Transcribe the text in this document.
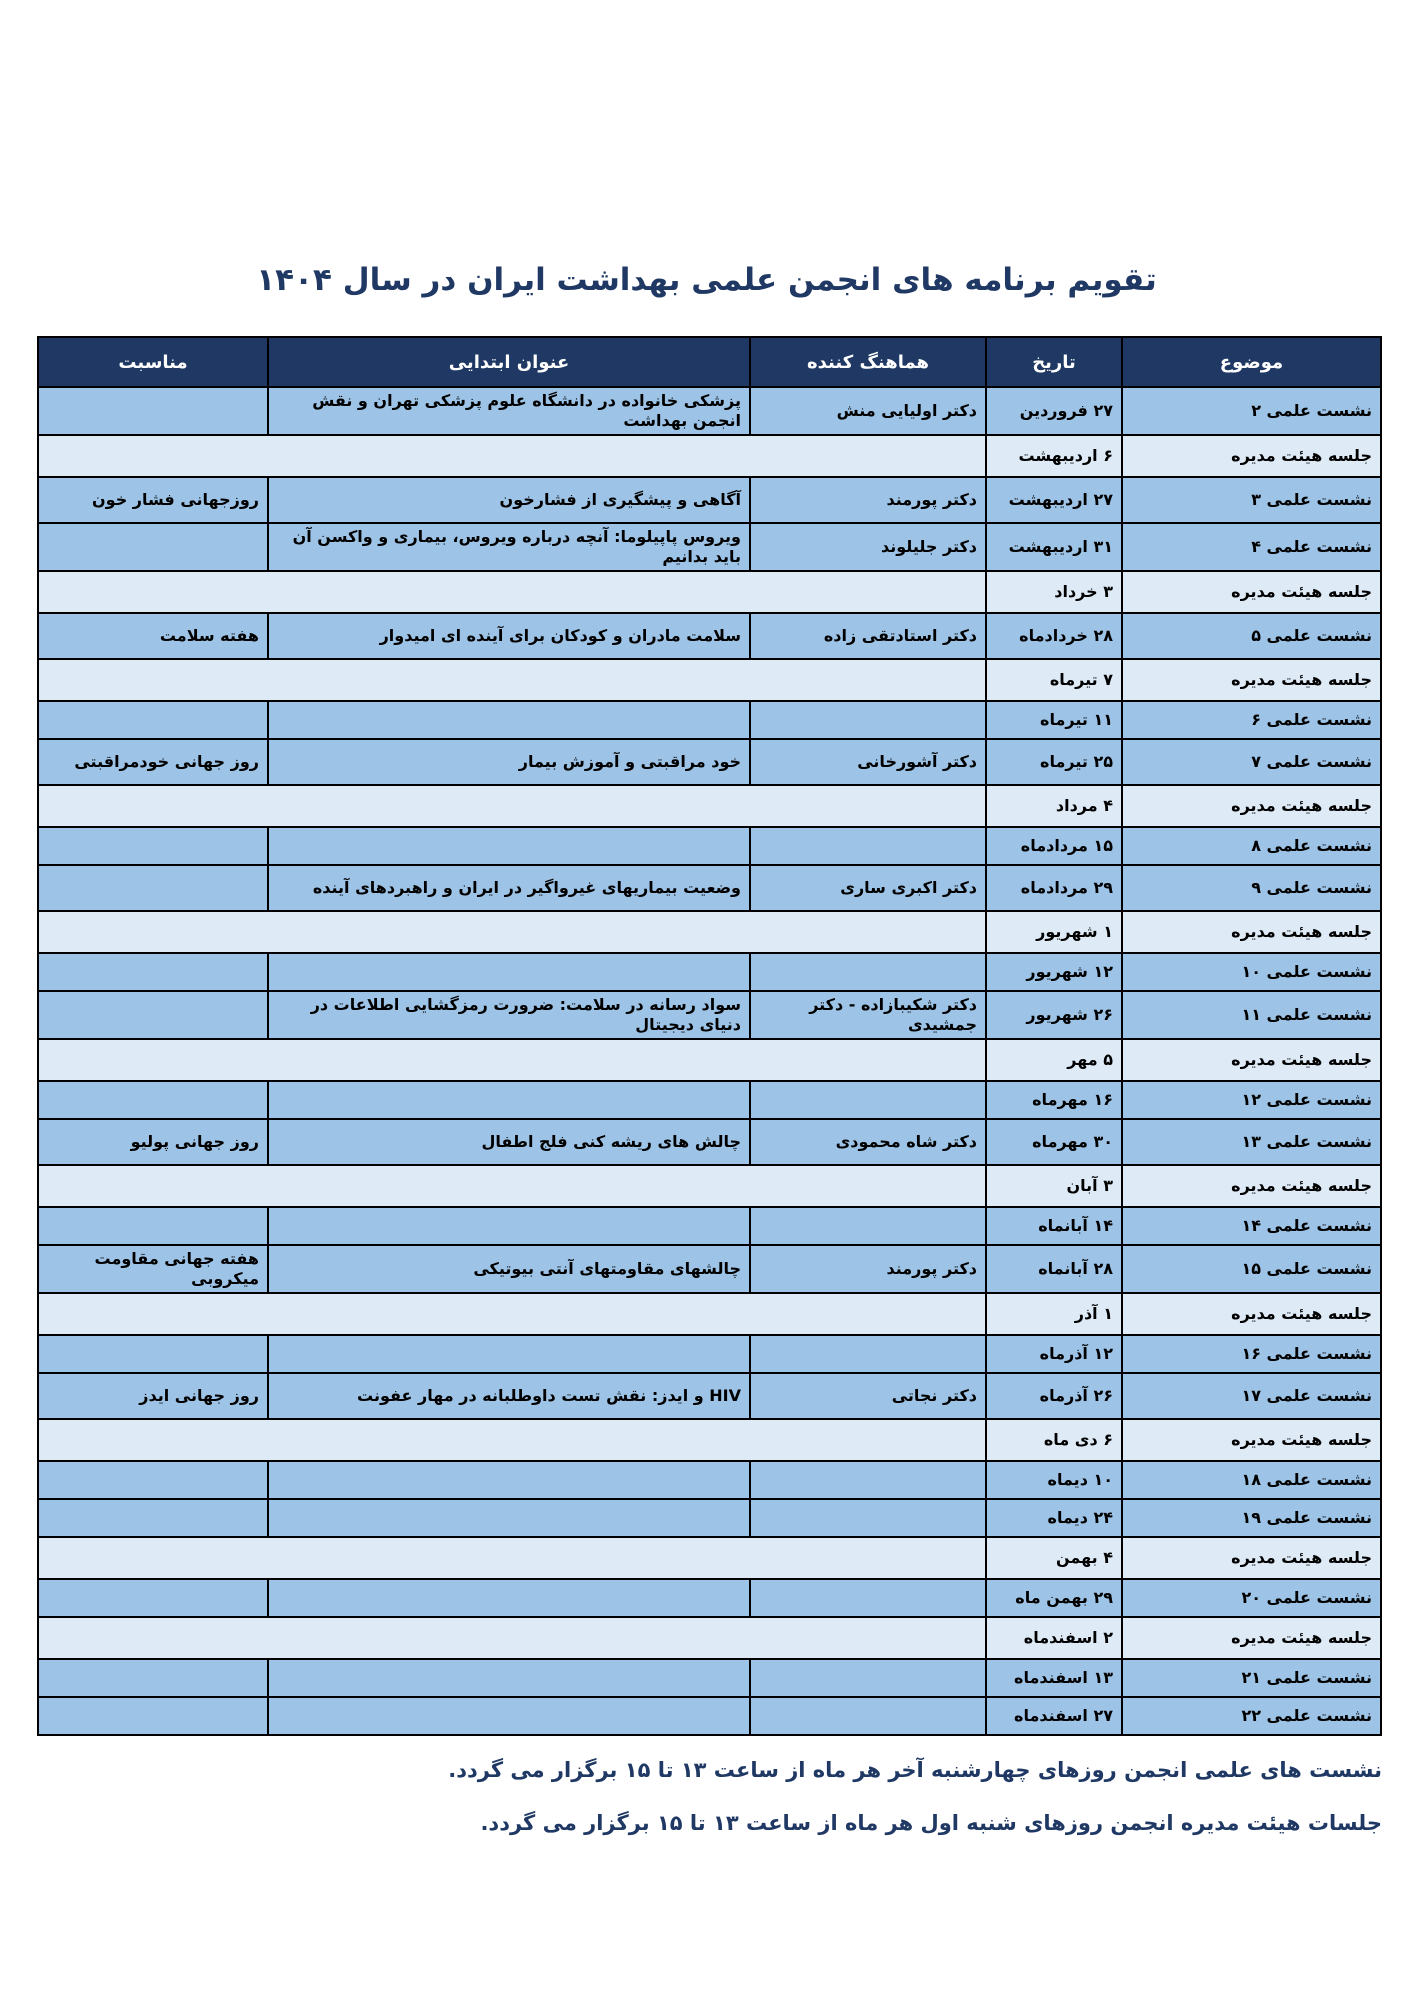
تقویم برنامه های انجمن علمی بهداشت ایران در سال ۱۴۰۴
موضوع	تاریخ	هماهنگ کننده	عنوان ابتدایی	مناسبت
نشست علمی ۲	۲۷ فروردین	دکتر اولیایی منش	پزشکی خانواده در دانشگاه علوم پزشکی تهران و نقش انجمن بهداشت	
جلسه هیئت مدیره	۶ اردیبهشت			
نشست علمی ۳	۲۷ اردیبهشت	دکتر پورمند	آگاهی و پیشگیری از فشارخون	روزجهانی فشار خون
نشست علمی ۴	۳۱ اردیبهشت	دکتر جلیلوند	ویروس پاپیلوما: آنچه درباره ویروس، بیماری و واکسن آن باید بدانیم	
جلسه هیئت مدیره	۳ خرداد			
نشست علمی ۵	۲۸ خردادماه	دکتر استادتقی زاده	سلامت مادران و کودکان برای آینده ای امیدوار	هفته سلامت
جلسه هیئت مدیره	۷ تیرماه			
نشست علمی ۶	۱۱ تیرماه			
نشست علمی ۷	۲۵ تیرماه	دکتر آشورخانی	خود مراقبتی و آموزش بیمار	روز جهانی خودمراقبتی
جلسه هیئت مدیره	۴ مرداد			
نشست علمی ۸	۱۵ مردادماه			
نشست علمی ۹	۲۹ مردادماه	دکتر اکبری ساری	وضعیت بیماریهای غیرواگیر در ایران و راهبردهای آینده	
جلسه هیئت مدیره	۱ شهریور			
نشست علمی ۱۰	۱۲ شهریور			
نشست علمی ۱۱	۲۶ شهریور	دکتر شکیبازاده - دکتر جمشیدی	سواد رسانه در سلامت: ضرورت رمزگشایی اطلاعات در دنیای دیجیتال	
جلسه هیئت مدیره	۵ مهر			
نشست علمی ۱۲	۱۶ مهرماه			
نشست علمی ۱۳	۳۰ مهرماه	دکتر شاه محمودی	چالش های ریشه کنی فلج اطفال	روز جهانی پولیو
جلسه هیئت مدیره	۳ آبان			
نشست علمی ۱۴	۱۴ آبانماه			
نشست علمی ۱۵	۲۸ آبانماه	دکتر پورمند	چالشهای مقاومتهای آنتی بیوتیکی	هفته جهانی مقاومت میکروبی
جلسه هیئت مدیره	۱ آذر			
نشست علمی ۱۶	۱۲ آذرماه			
نشست علمی ۱۷	۲۶ آذرماه	دکتر نجاتی	HIV و ایدز: نقش تست داوطلبانه در مهار عفونت	روز جهانی ایدز
جلسه هیئت مدیره	۶ دی ماه			
نشست علمی ۱۸	۱۰ دیماه			
نشست علمی ۱۹	۲۴ دیماه			
جلسه هیئت مدیره	۴ بهمن			
نشست علمی ۲۰	۲۹ بهمن ماه			
جلسه هیئت مدیره	۲ اسفندماه			
نشست علمی ۲۱	۱۳ اسفندماه			
نشست علمی ۲۲	۲۷ اسفندماه			

نشست های علمی انجمن روزهای چهارشنبه آخر هر ماه از ساعت ۱۳ تا ۱۵ برگزار می گردد.

جلسات هیئت مدیره انجمن روزهای شنبه اول هر ماه از ساعت ۱۳ تا ۱۵ برگزار می گردد.
